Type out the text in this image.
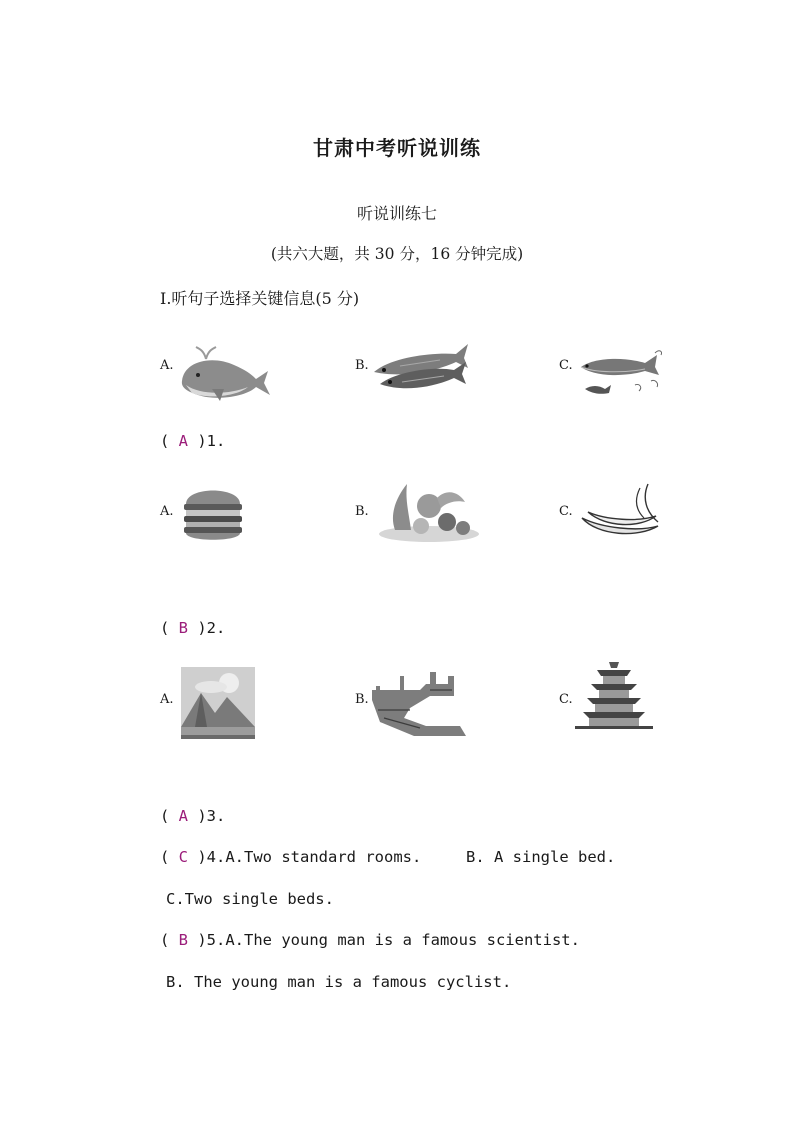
甘肃中考听说训练
听说训练七
(共六大题，共 30 分，16 分钟完成)
Ⅰ.听句子选择关键信息(5 分)
A.	B.	C.
( A )1.
A.	B.	C.
( B )2.
A.	B.	C.
( A )3.
( C )4.A.Two standard rooms.	B. A single bed.
C.Two single beds.
( B )5.A.The young man is a famous scientist.
B. The young man is a famous cyclist.
